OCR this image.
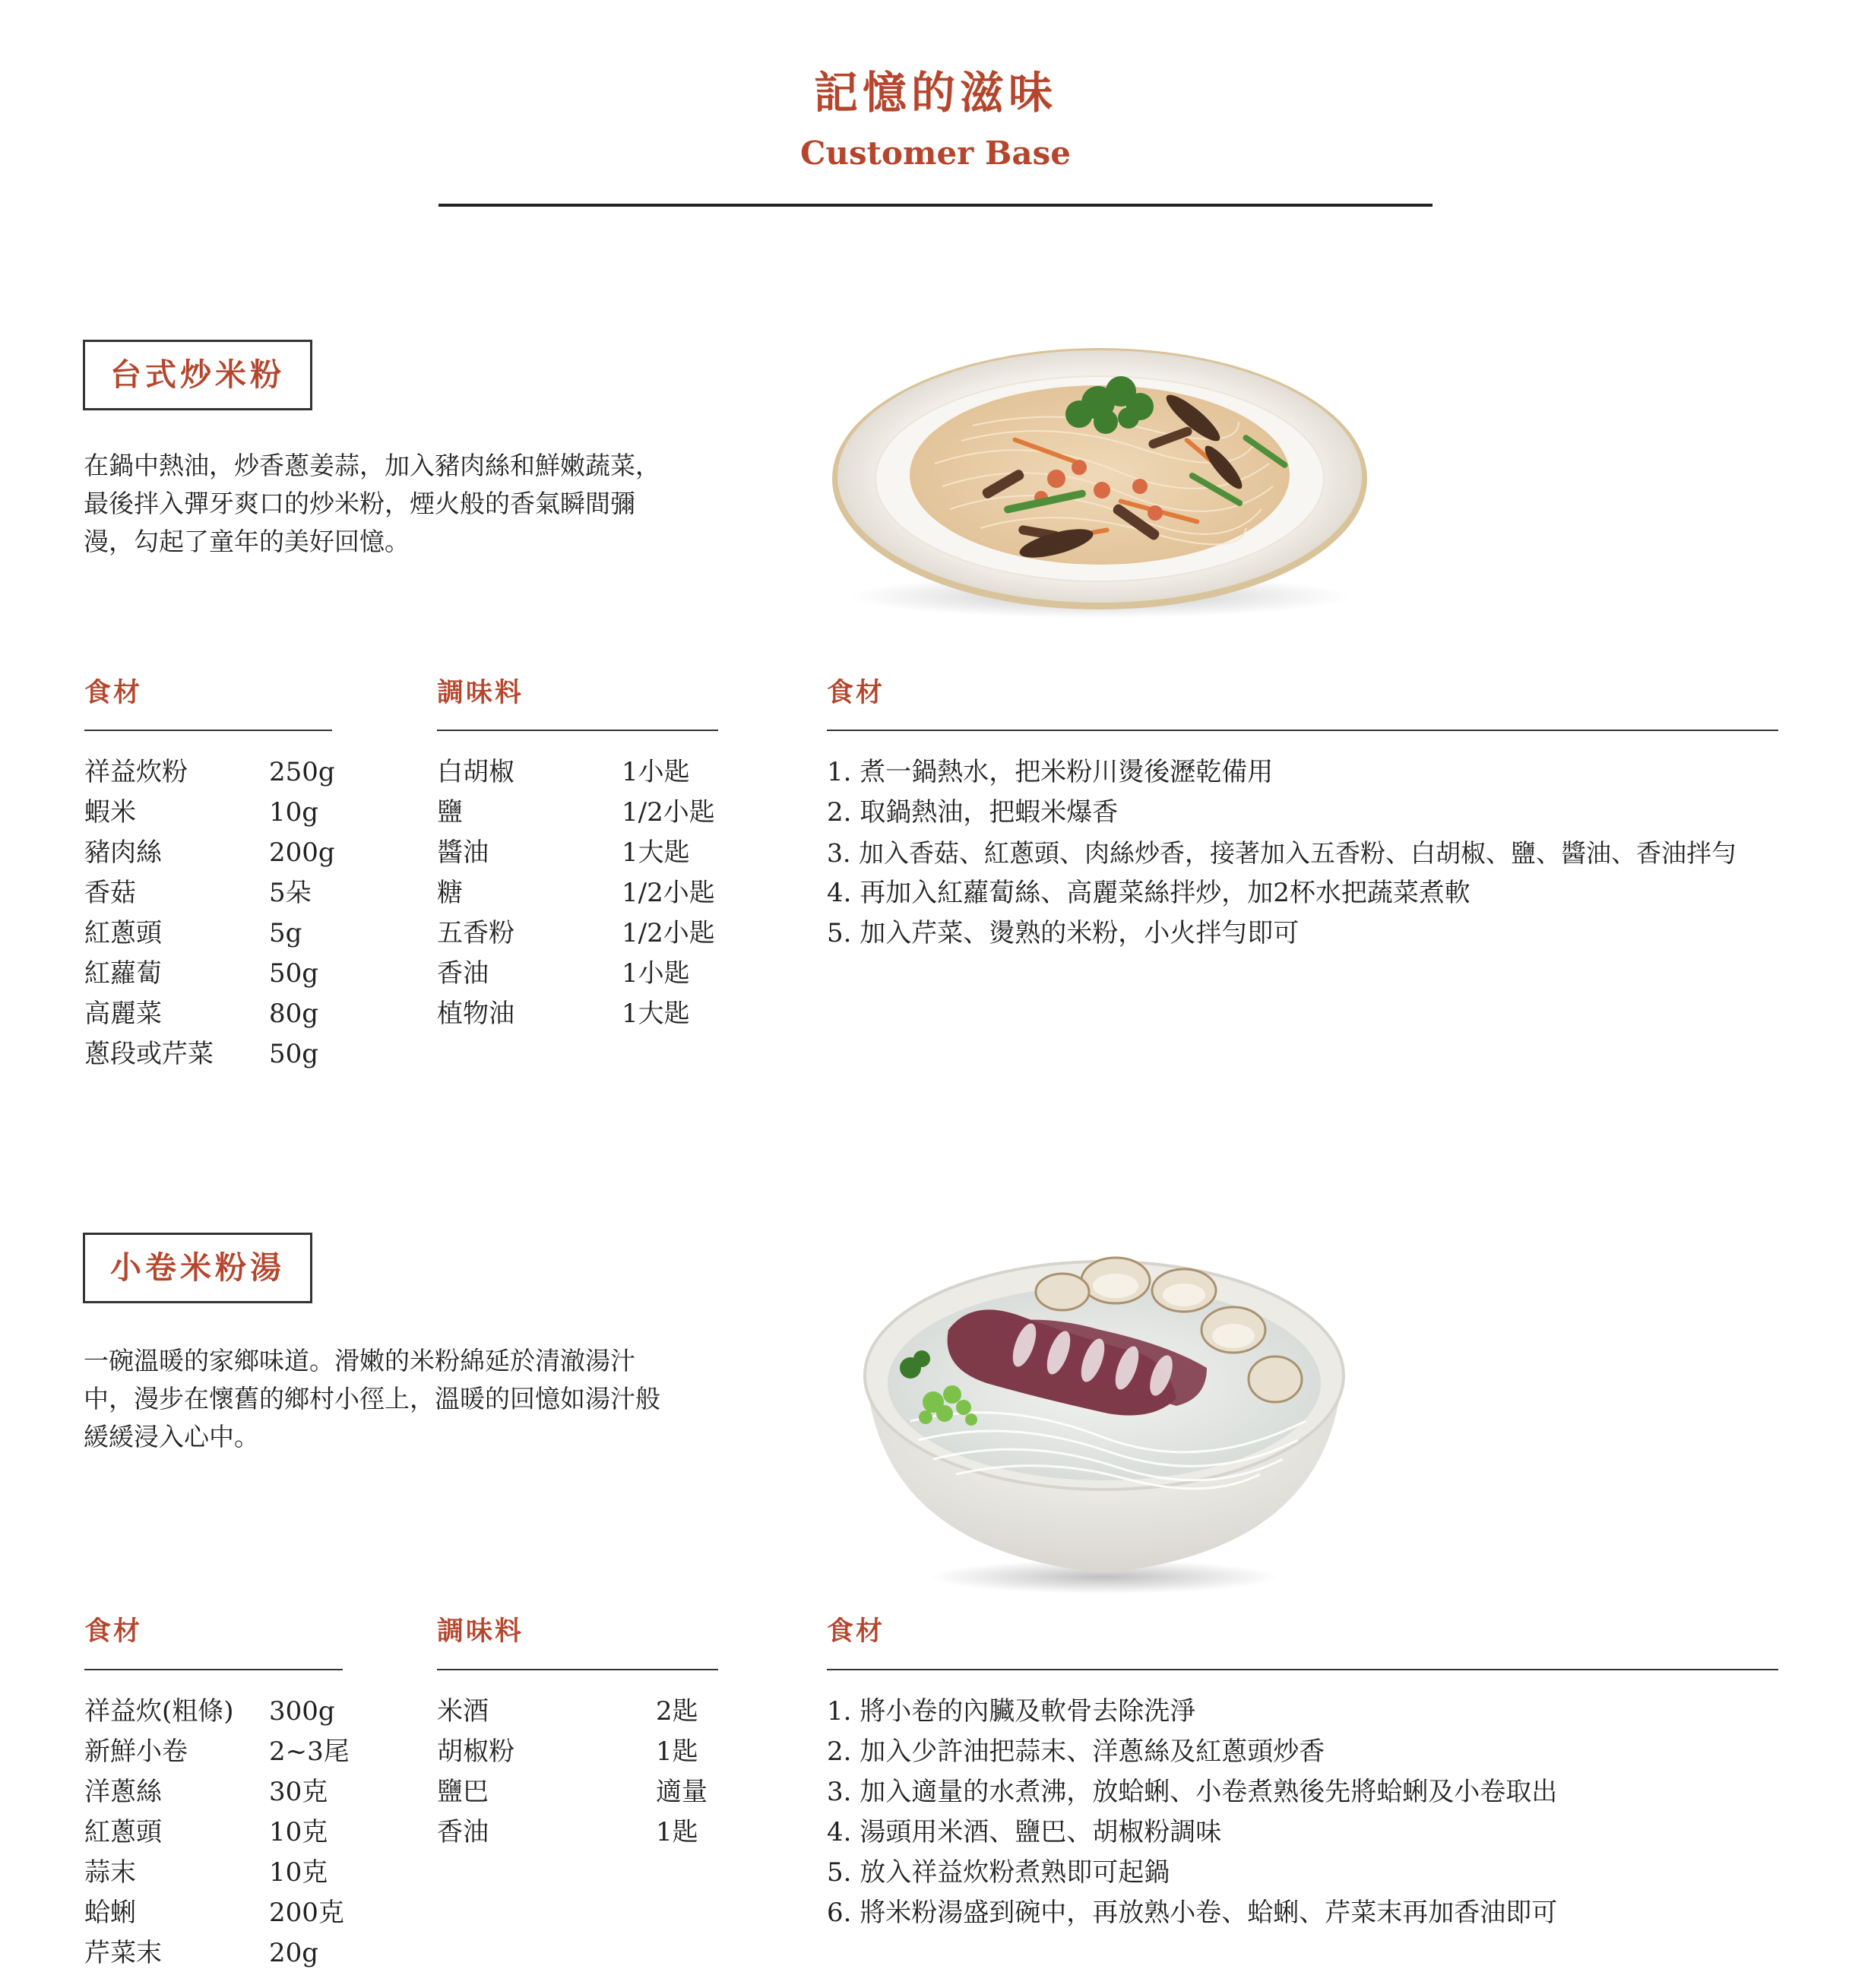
記憶的滋味
Customer Base
台式炒米粉
在鍋中熱油，炒香蔥姜蒜，加入豬肉絲和鮮嫩蔬菜，
最後拌入彈牙爽口的炒米粉，煙火般的香氣瞬間彌
漫，勾起了童年的美好回憶。
食材
祥益炊粉	250g
蝦米	10g
豬肉絲	200g
香菇	5朵
紅蔥頭	5g
紅蘿蔔	50g
高麗菜	80g
蔥段或芹菜 50g
調味料
白胡椒	1小匙
鹽	1/2小匙
醬油	1大匙
糖	1/2小匙
五香粉	1/2小匙
香油	1小匙
植物油	1大匙
食材
1. 煮一鍋熱水，把米粉川燙後瀝乾備用
2. 取鍋熱油，把蝦米爆香
3. 加入香菇、紅蔥頭、肉絲炒香，接著加入五香粉、白胡椒、鹽、醬油、香油拌勻
4. 再加入紅蘿蔔絲、高麗菜絲拌炒，加2杯水把蔬菜煮軟
5. 加入芹菜、燙熟的米粉，小火拌勻即可
小卷米粉湯
一碗溫暖的家鄉味道。滑嫩的米粉綿延於清澈湯汁
中，漫步在懷舊的鄉村小徑上，溫暖的回憶如湯汁般
緩緩浸入心中。
食材
祥益炊(粗條) 300g
新鮮小卷	2~3尾
洋蔥絲	30克
紅蔥頭	10克
蒜末	10克
蛤蜊	200克
芹菜末	20g
調味料
米酒	2匙
胡椒粉	1匙
鹽巴	適量
香油	1匙
食材
1. 將小卷的內臟及軟骨去除洗淨
2. 加入少許油把蒜末、洋蔥絲及紅蔥頭炒香
3. 加入適量的水煮沸，放蛤蜊、小卷煮熟後先將蛤蜊及小卷取出
4. 湯頭用米酒、鹽巴、胡椒粉調味
5. 放入祥益炊粉煮熟即可起鍋
6. 將米粉湯盛到碗中，再放熟小卷、蛤蜊、芹菜末再加香油即可
